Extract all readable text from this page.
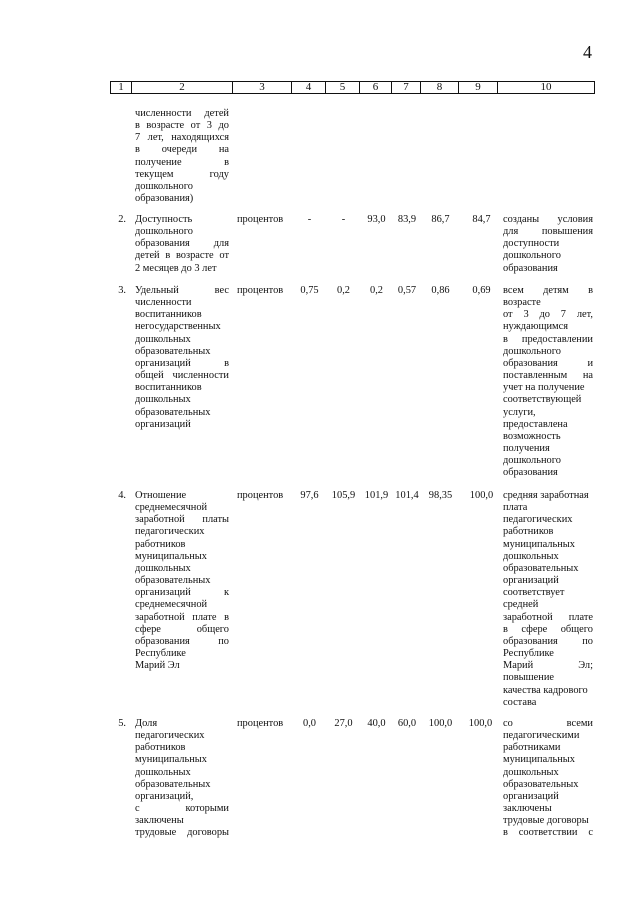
4
1	2	3	4	5	6	7	8	9	10
численности детей
в возрасте от 3 до
7 лет, находящихся
в очереди на
получение в
текущем году
дошкольного
образования)
2. Доступность
дошкольного
образования для
детей в возрасте от
2 месяцев до 3 лет
процентов	-	-	93,0	83,9	86,7	84,7	созданы условия
для повышения
доступности
дошкольного
образования
3. Удельный вес
численности
воспитанников
негосударственных
дошкольных
образовательных
организаций в
общей численности
воспитанников
дошкольных
образовательных
организаций
процентов	0,75	0,2	0,2	0,57	0,86	0,69	всем детям в
возрасте
от 3 до 7 лет,
нуждающимся
в предоставлении
дошкольного
образования и
поставленным на
учет на получение
соответствующей
услуги,
предоставлена
возможность
получения
дошкольного
образования
4. Отношение
среднемесячной
заработной платы
педагогических
работников
муниципальных
дошкольных
образовательных
организаций к
среднемесячной
заработной плате в
сфере общего
образования по
Республике
Марий Эл
процентов	97,6	105,9 101,9 101,4 98,35	100,0 средняя заработная
плата
педагогических
работников
муниципальных
дошкольных
образовательных
организаций
соответствует
средней
заработной плате
в сфере общего
образования по
Республике
Марий Эл;
повышение
качества кадрового
состава
5. Доля
педагогических
работников
муниципальных
дошкольных
образовательных
организаций,
с которыми
заключены
трудовые договоры
процентов	0,0	27,0	40,0	60,0	100,0	100,0 со всеми
педагогическими
работниками
муниципальных
дошкольных
образовательных
организаций
заключены
трудовые договоры
в соответствии с
